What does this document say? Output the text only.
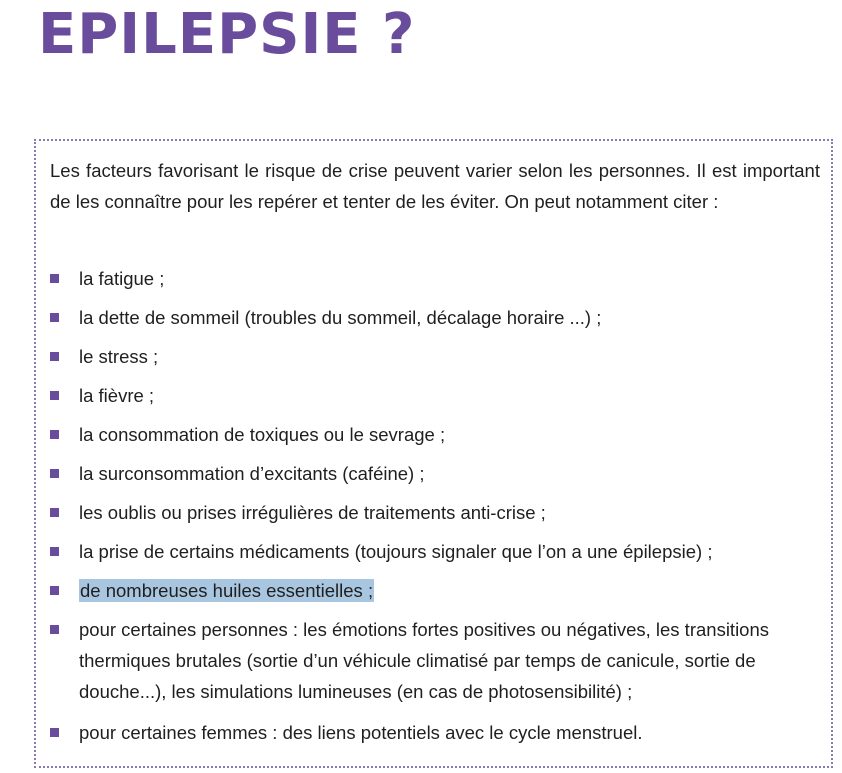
EPILEPSIE ?

Les facteurs favorisant le risque de crise peuvent varier selon les personnes. Il est important de les connaître pour les repérer et tenter de les éviter. On peut notamment citer :

la fatigue ;
la dette de sommeil (troubles du sommeil, décalage horaire ...) ;
le stress ;
la fièvre ;
la consommation de toxiques ou le sevrage ;
la surconsommation d’excitants (caféine) ;
les oublis ou prises irrégulières de traitements anti-crise ;
la prise de certains médicaments (toujours signaler que l’on a une épilepsie) ;
de nombreuses huiles essentielles ;
pour certaines personnes : les émotions fortes positives ou négatives, les transitions thermiques brutales (sortie d’un véhicule climatisé par temps de canicule, sortie de douche...), les simulations lumineuses (en cas de photosensibilité) ;
pour certaines femmes : des liens potentiels avec le cycle menstruel.
